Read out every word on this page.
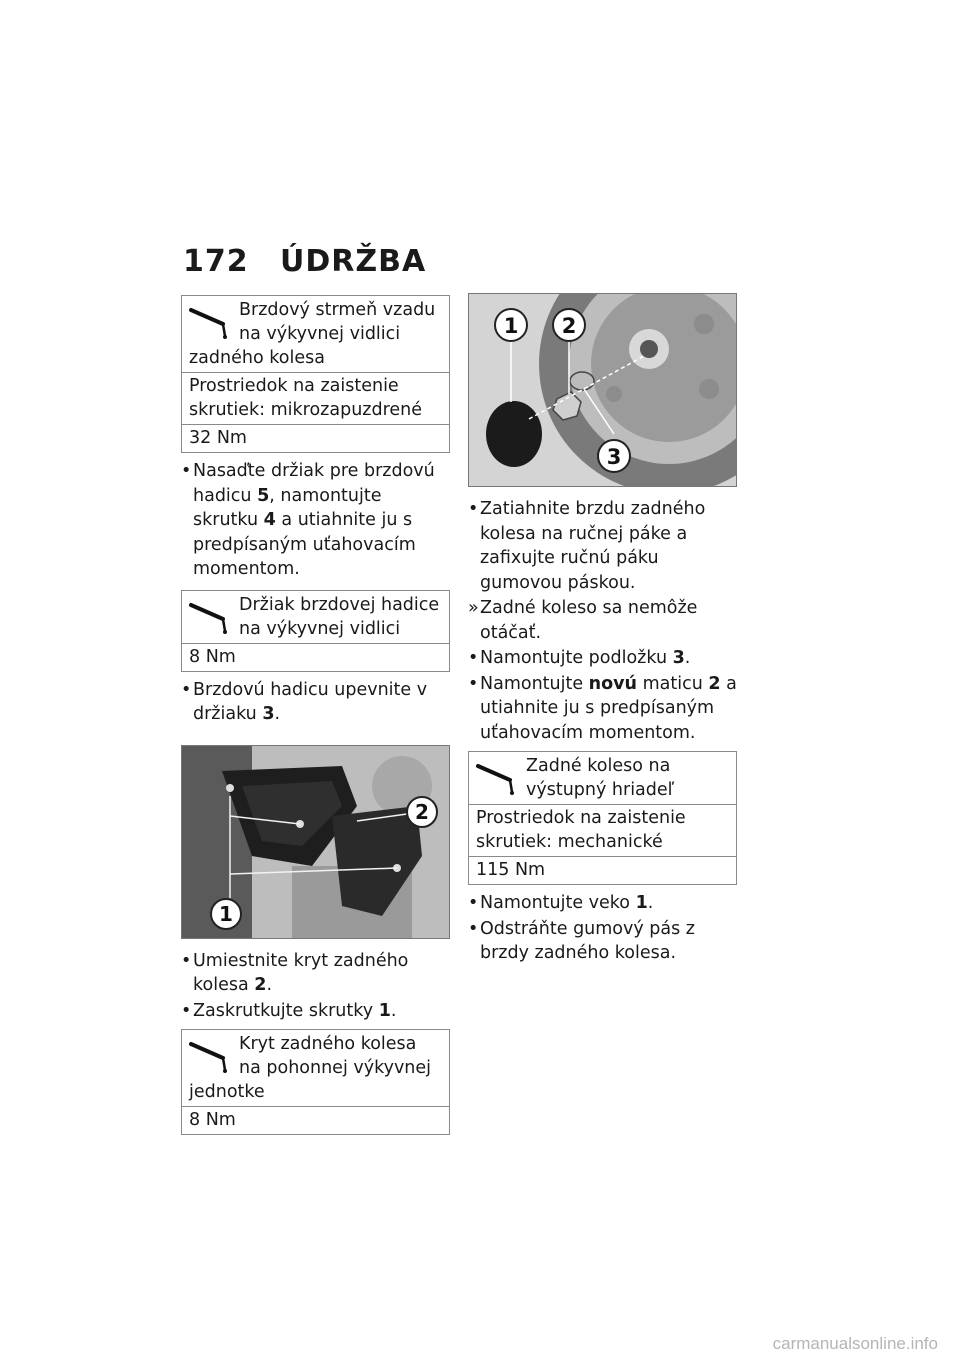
172 ÚDRŽBA
Brzdový strmeň vzadu na výkyvnej vidlici zadného kolesa
Prostriedok na zaistenie skrutiek: mikrozapuzdrené
32 Nm
• Nasaďte držiak pre brzdovú hadicu 5, namontujte skrutku 4 a utiahnite ju s predpísaným uťahovacím momentom.
Držiak brzdovej hadice na výkyvnej vidlici
8 Nm
• Brzdovú hadicu upevnite v držiaku 3.
2
1
• Umiestnite kryt zadného kolesa 2.
• Zaskrutkujte skrutky 1.
Kryt zadného kolesa na pohonnej výkyvnej jednotke
8 Nm
1 2
3
• Zatiahnite brzdu zadného kolesa na ručnej páke a zafixujte ručnú páku gumovou páskou.
» Zadné koleso sa nemôže otáčať.
• Namontujte podložku 3.
• Namontujte novú maticu 2 a utiahnite ju s predpísaným uťahovacím momentom.
Zadné koleso na výstupný hriadeľ
Prostriedok na zaistenie skrutiek: mechanické
115 Nm
• Namontujte veko 1.
• Odstráňte gumový pás z brzdy zadného kolesa.
carmanualsonline.info
